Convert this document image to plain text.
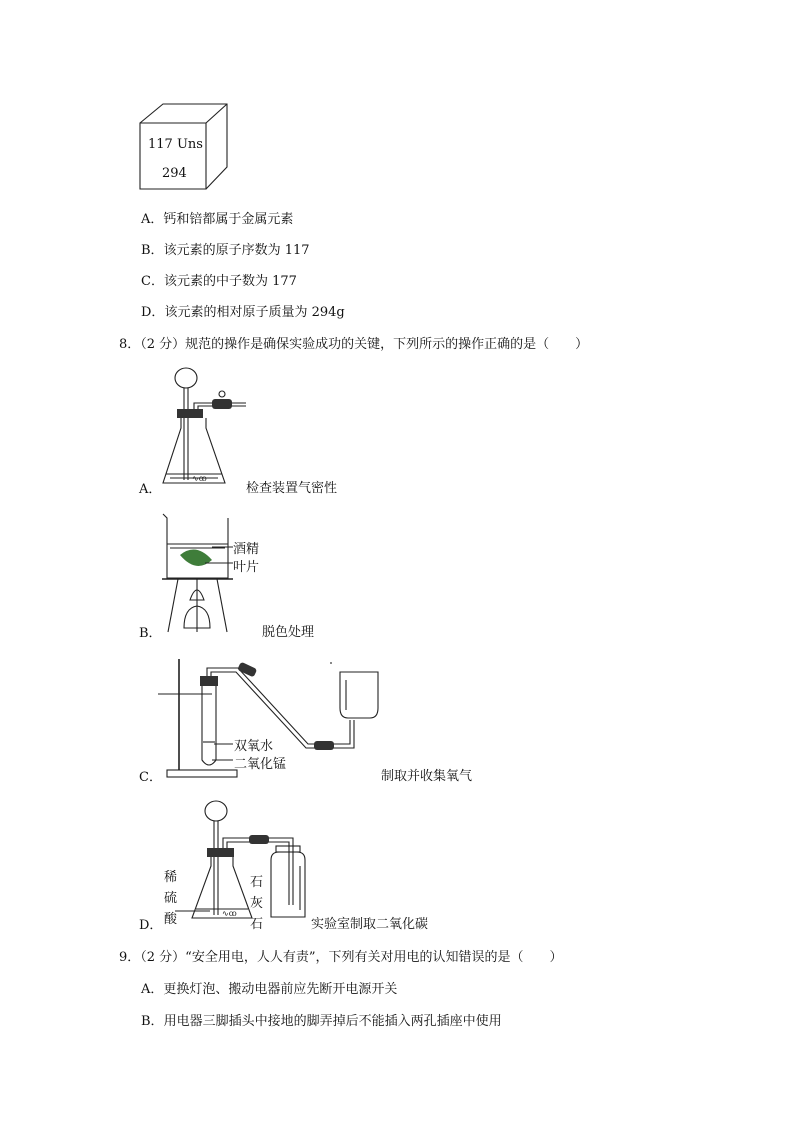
117 Uns
294
A．钙和锫都属于金属元素
B．该元素的原子序数为 117
C．该元素的中子数为 177
D．该元素的相对原子质量为 294g
8．（2 分）规范的操作是确保实验成功的关键，下列所示的操作正确的是（　　）
∿ꝏ
A．	检查装置气密性
酒精
叶片
B．	脱色处理
双氧水
二氧化锰
C．	制取并收集氧气
∿ꝏ
稀硫酸
石灰石
D．	实验室制取二氧化碳
9．（2 分）“安全用电，人人有责”，下列有关对用电的认知错误的是（　　）
A．更换灯泡、搬动电器前应先断开电源开关
B．用电器三脚插头中接地的脚弄掉后不能插入两孔插座中使用
